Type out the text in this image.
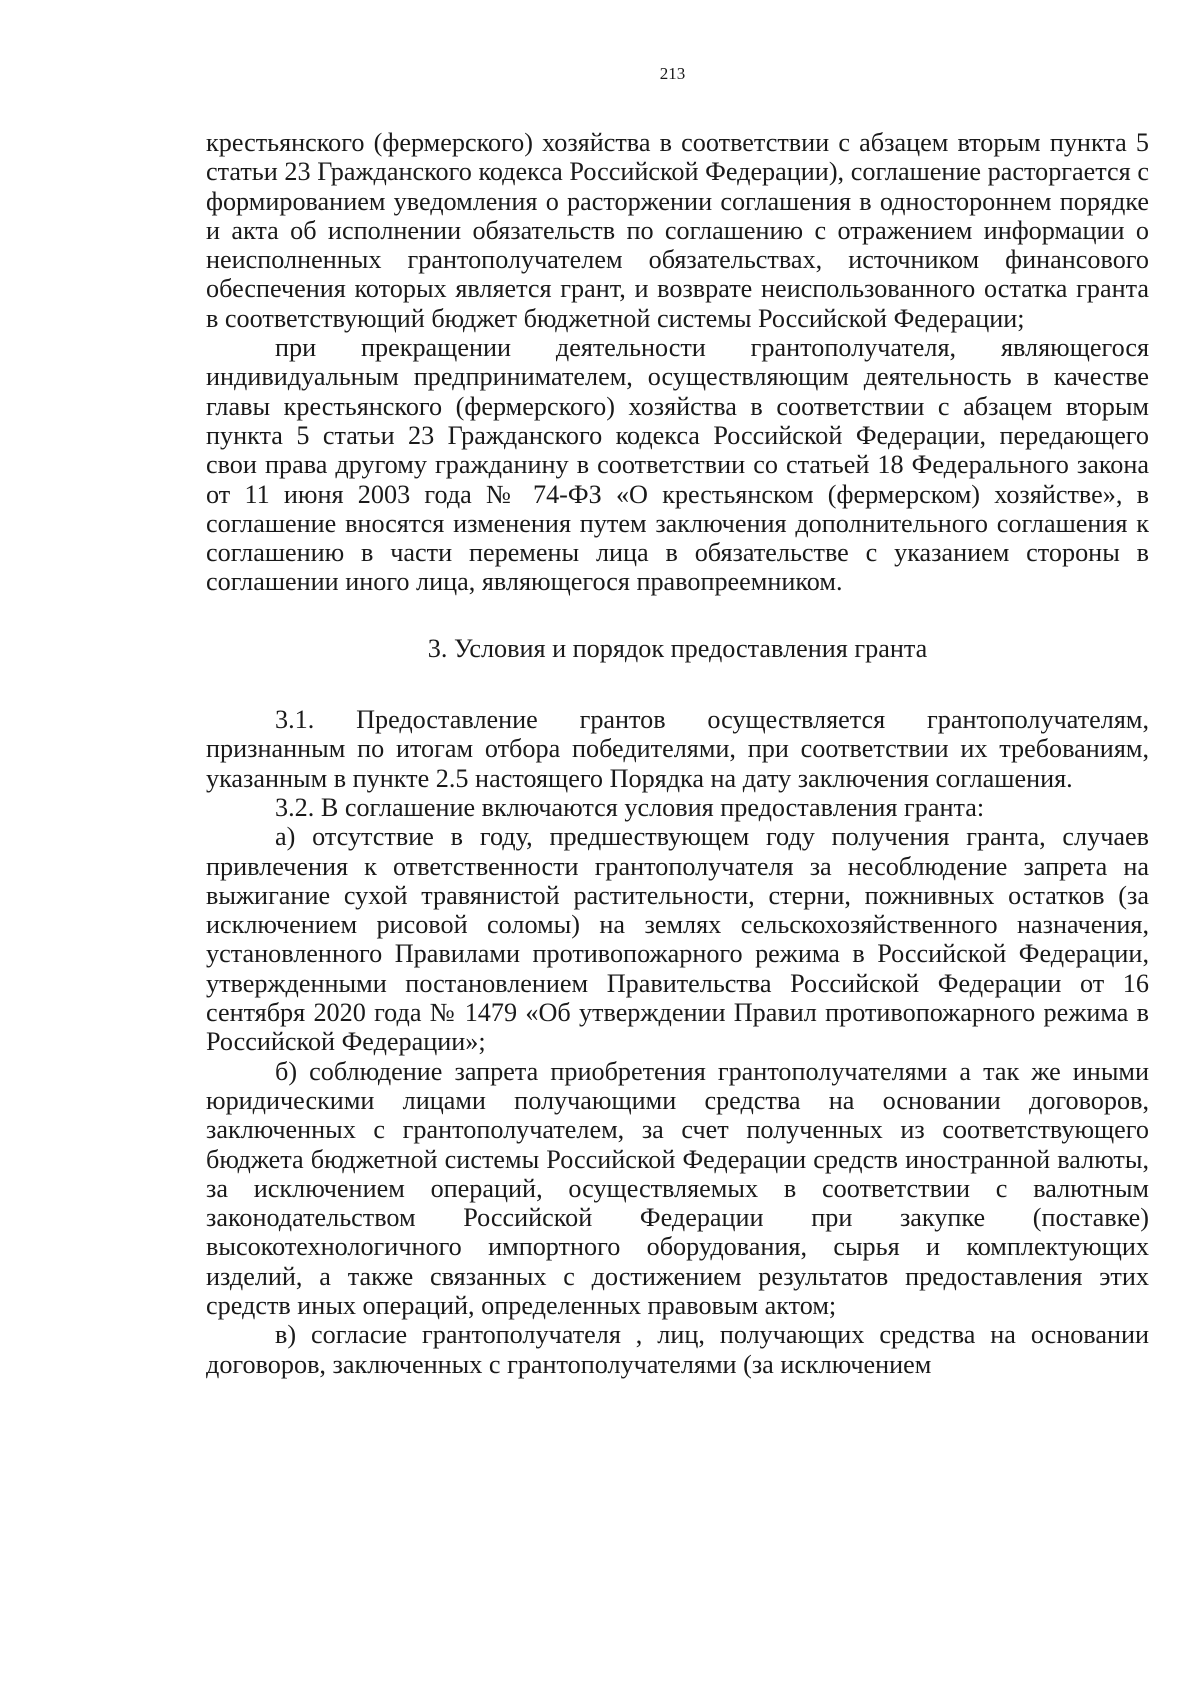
213

крестьянского (фермерского) хозяйства в соответствии с абзацем вторым пункта 5 статьи 23 Гражданского кодекса Российской Федерации), соглашение расторгается с формированием уведомления о расторжении соглашения в одностороннем порядке и акта об исполнении обязательств по соглашению с отражением информации о неисполненных грантополучателем обязательствах, источником финансового обеспечения которых является грант, и возврате неиспользованного остатка гранта в соответствующий бюджет бюджетной системы Российской Федерации;

при прекращении деятельности грантополучателя, являющегося индивидуальным предпринимателем, осуществляющим деятельность в качестве главы крестьянского (фермерского) хозяйства в соответствии с абзацем вторым пункта 5 статьи 23 Гражданского кодекса Российской Федерации, передающего свои права другому гражданину в соответствии со статьей 18 Федерального закона от 11 июня 2003 года № 74-ФЗ «О крестьянском (фермерском) хозяйстве», в соглашение вносятся изменения путем заключения дополнительного соглашения к соглашению в части перемены лица в обязательстве с указанием стороны в соглашении иного лица, являющегося правопреемником.

3. Условия и порядок предоставления гранта

3.1. Предоставление грантов осуществляется грантополучателям, признанным по итогам отбора победителями, при соответствии их требованиям, указанным в пункте 2.5 настоящего Порядка на дату заключения соглашения.

3.2. В соглашение включаются условия предоставления гранта:

а) отсутствие в году, предшествующем году получения гранта, случаев привлечения к ответственности грантополучателя за несоблюдение запрета на выжигание сухой травянистой растительности, стерни, пожнивных остатков (за исключением рисовой соломы) на землях сельскохозяйственного назначения, установленного Правилами противопожарного режима в Российской Федерации, утвержденными постановлением Правительства Российской Федерации от 16 сентября 2020 года № 1479 «Об утверждении Правил противопожарного режима в Российской Федерации»;

б) соблюдение запрета приобретения грантополучателями а так же иными юридическими лицами получающими средства на основании договоров, заключенных с грантополучателем, за счет полученных из соответствующего бюджета бюджетной системы Российской Федерации средств иностранной валюты, за исключением операций, осуществляемых в соответствии с валютным законодательством Российской Федерации при закупке (поставке) высокотехнологичного импортного оборудования, сырья и комплектующих изделий, а также связанных с достижением результатов предоставления этих средств иных операций, определенных правовым актом;

в) согласие грантополучателя , лиц, получающих средства на основании договоров, заключенных с грантополучателями (за исключением
